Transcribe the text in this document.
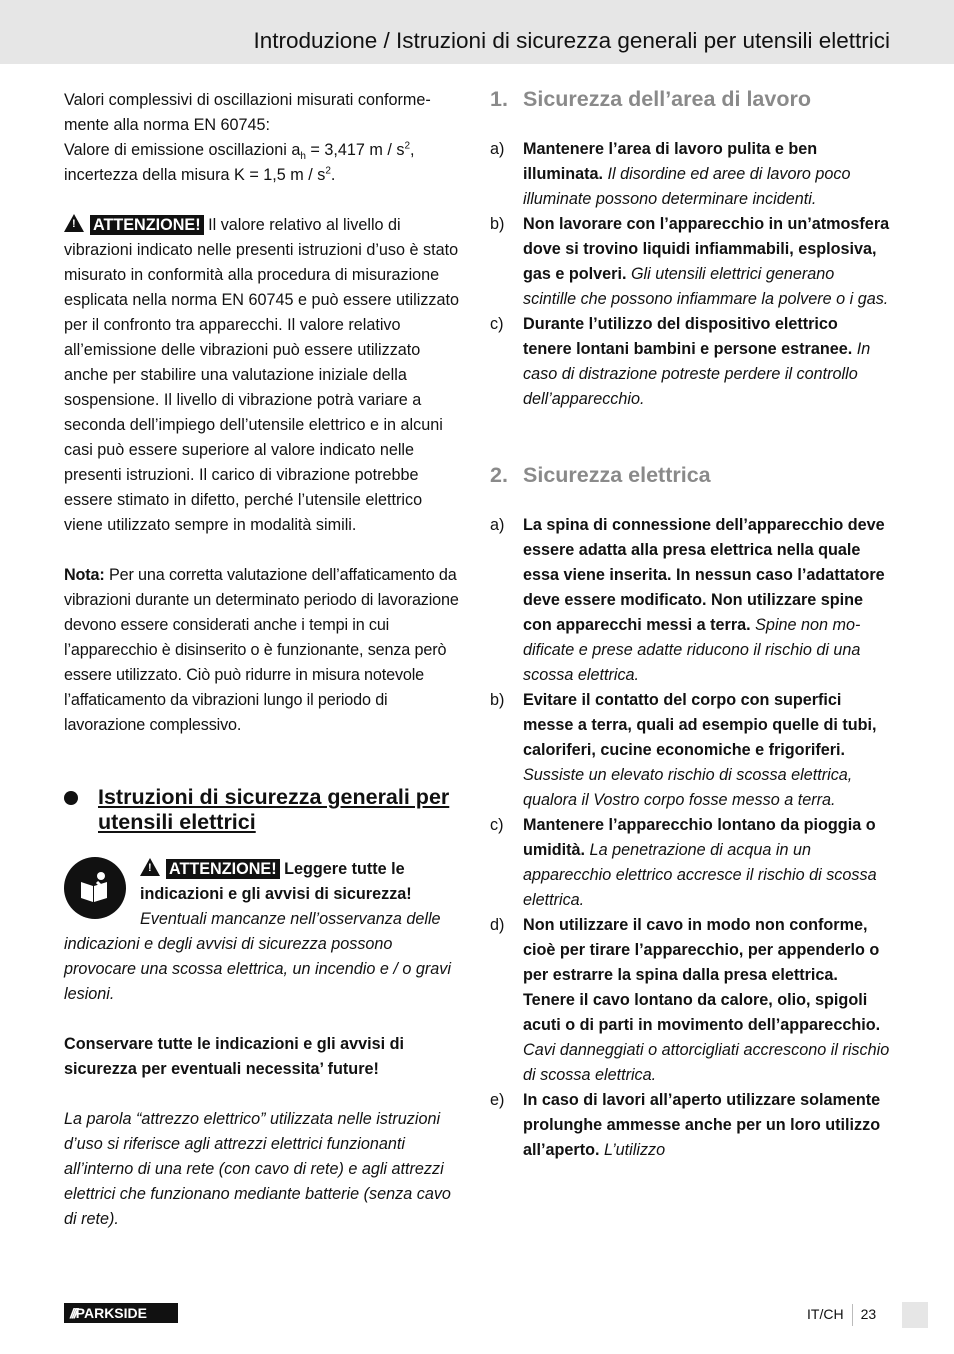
Introduzione / Istruzioni di sicurezza generali per utensili elettrici

Valori complessivi di oscillazioni misurati conforme-
mente alla norma EN 60745:
Valore di emissione oscillazioni $a_h = 3,417$ m / $s^2$,
incertezza della misura K = 1,5 m / $s^2$.

! ATTENZIONE! Il valore relativo al livello di vibrazioni indicato nelle presenti istruzioni d’uso è stato misurato in conformità alla procedura di misurazione esplicata nella norma EN 60745 e può essere utilizzato per il confronto tra apparecchi. Il valore relativo all’emissione delle vibrazioni può essere utilizzato anche per stabilire una valutazione iniziale della sospensione. Il livello di vibrazione potrà variare a seconda dell’impiego dell’utensile elettrico e in alcuni casi può essere superiore al valore indicato nelle presenti istruzioni. Il carico di vibrazione potrebbe essere stimato in difetto, perché l’utensile elettrico viene utilizzato sempre in modalità simili.

Nota: Per una corretta valutazione dell’affaticamento da vibrazioni durante un determinato periodo di lavorazione devono essere considerati anche i tempi in cui l’apparecchio è disinserito o è funzionante, senza però essere utilizzato. Ciò può ridurre in misura notevole l’affaticamento da vibrazioni lungo il periodo di lavorazione complessivo.

Istruzioni di sicurezza generali per utensili elettrici

! ATTENZIONE! Leggere tutte le indicazioni e gli avvisi di sicurezza! Eventuali mancanze nell’osservanza delle indicazioni e degli avvisi di sicurezza possono provocare una scossa elettrica, un incendio e / o gravi lesioni.

Conservare tutte le indicazioni e gli avvisi di sicurezza per eventuali necessita’ future!

La parola “attrezzo elettrico” utilizzata nelle istruzioni d’uso si riferisce agli attrezzi elettrici funzionanti all’interno di una rete (con cavo di rete) e agli attrezzi elettrici che funzionano mediante batterie (senza cavo di rete).

1. Sicurezza dell’area di lavoro
a)	Mantenere l’area di lavoro pulita e ben illuminata. Il disordine ed aree di lavoro poco illuminate possono determinare incidenti.
b)	Non lavorare con l’apparecchio in un’atmosfera dove si trovino liquidi infiammabili, esplosiva, gas e polveri. Gli utensili elettrici generano scintille che possono infiammare la polvere o i gas.
c)	Durante l’utilizzo del dispositivo elettrico tenere lontani bambini e persone estranee. In caso di distrazione potreste perdere il controllo dell’apparecchio.
2. Sicurezza elettrica
a)	La spina di connessione dell’apparecchio deve essere adatta alla presa elettrica nella quale essa viene inserita. In nessun caso l’adattatore deve essere modificato. Non utilizzare spine con apparecchi messi a terra. Spine non modificate e prese adatte riducono il rischio di una scossa elettrica.
b)	Evitare il contatto del corpo con superfici messe a terra, quali ad esempio quelle di tubi, caloriferi, cucine economiche e frigoriferi. Sussiste un elevato rischio di scossa elettrica, qualora il Vostro corpo fosse messo a terra.
c)	Mantenere l’apparecchio lontano da pioggia o umidità. La penetrazione di acqua in un apparecchio elettrico accresce il rischio di scossa elettrica.
d)	Non utilizzare il cavo in modo non conforme, cioè per tirare l’apparecchio, per appenderlo o per estrarre la spina dalla presa elettrica. Tenere il cavo lontano da calore, olio, spigoli acuti o di parti in movimento dell’apparecchio. Cavi danneggiati o attorcigliati accrescono il rischio di scossa elettrica.
e)	In caso di lavori all’aperto utilizzare solamente prolunghe ammesse anche per un loro utilizzo all’aperto. L’utilizzo
///PARKSIDE	IT/CH 23
